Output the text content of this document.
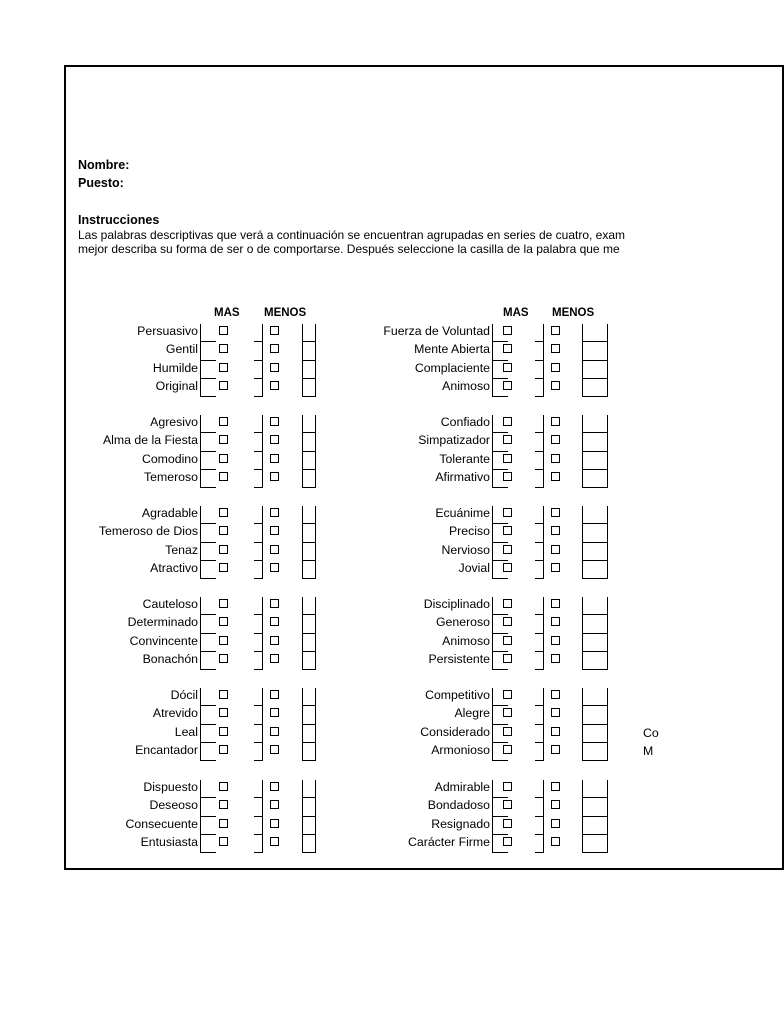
Nombre:
Puesto:
Instrucciones
Las palabras descriptivas que verá a continuación se encuentran agrupadas en series de cuatro, exam
mejor describa su forma de ser o de comportarse. Después seleccione la casilla de la palabra que me
MAS MENOS	MAS MENOS
Persuasivo
Gentil
Humilde
Original
Fuerza de Voluntad
Mente Abierta
Complaciente
Animoso
Agresivo
Alma de la Fiesta
Comodino
Temeroso
Confiado
Simpatizador
Tolerante
Afirmativo
Agradable
Temeroso de Dios
Tenaz
Atractivo
Ecuánime
Preciso
Nervioso
Jovial
Cauteloso
Determinado
Convincente
Bonachón
Disciplinado
Generoso
Animoso
Persistente
Dócil
Atrevido
Leal
Encantador
Competitivo
Alegre
Considerado
Armonioso
Dispuesto
Deseoso
Consecuente
Entusiasta
Admirable
Bondadoso
Resignado
Carácter Firme
Co
M
